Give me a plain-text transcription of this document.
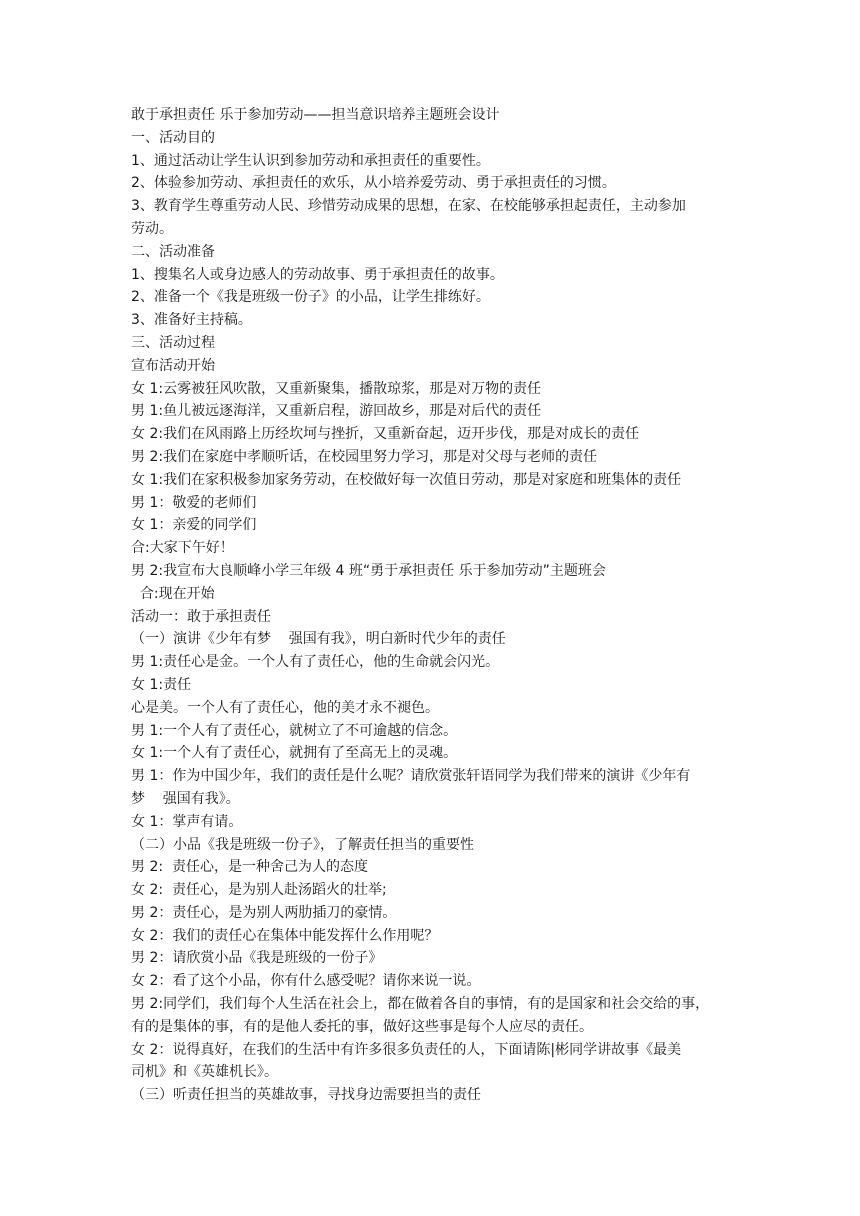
敢于承担责任 乐于参加劳动——担当意识培养主题班会设计
一、活动目的
1、通过活动让学生认识到参加劳动和承担责任的重要性。
2、体验参加劳动、承担责任的欢乐，从小培养爱劳动、勇于承担责任的习惯。
3、教育学生尊重劳动人民、珍惜劳动成果的思想，在家、在校能够承担起责任，主动参加
劳动。
二、活动准备
1、搜集名人或身边感人的劳动故事、勇于承担责任的故事。
2、准备一个《我是班级一份子》的小品，让学生排练好。
3、准备好主持稿。
三、活动过程
宣布活动开始
女 1:云雾被狂风吹散，又重新聚集，播散琼浆，那是对万物的责任
男 1:鱼儿被远逐海洋，又重新启程，游回故乡，那是对后代的责任
女 2:我们在风雨路上历经坎坷与挫折，又重新奋起，迈开步伐，那是对成长的责任
男 2:我们在家庭中孝顺听话，在校园里努力学习，那是对父母与老师的责任
女 1:我们在家积极参加家务劳动，在校做好每一次值日劳动，那是对家庭和班集体的责任
男 1：敬爱的老师们
女 1：亲爱的同学们
合:大家下午好！
男 2:我宣布大良顺峰小学三年级 4 班“勇于承担责任 乐于参加劳动”主题班会
合:现在开始
活动一：敢于承担责任
（一）演讲《少年有梦    强国有我》，明白新时代少年的责任
男 1:责任心是金。一个人有了责任心，他的生命就会闪光。
女 1:责任
心是美。一个人有了责任心，他的美才永不褪色。
男 1:一个人有了责任心，就树立了不可逾越的信念。
女 1:一个人有了责任心，就拥有了至高无上的灵魂。
男 1：作为中国少年，我们的责任是什么呢？请欣赏张轩语同学为我们带来的演讲《少年有
梦    强国有我》。
女 1：掌声有请。
（二）小品《我是班级一份子》，了解责任担当的重要性
男 2:  责任心，是一种舍己为人的态度
女 2:  责任心，是为别人赴汤蹈火的壮举;
男 2：责任心，是为别人两肋插刀的豪情。
女 2：我们的责任心在集体中能发挥什么作用呢？
男 2：请欣赏小品《我是班级的一份子》
女 2：看了这个小品，你有什么感受呢？请你来说一说。
男 2:同学们，我们每个人生活在社会上，都在做着各自的事情，有的是国家和社会交给的事，
有的是集体的事，有的是他人委托的事，做好这些事是每个人应尽的责任。
女 2：说得真好，在我们的生活中有许多很多负责任的人，下面请陈|彬同学讲故事《最美
司机》和《英雄机长》。
（三）听责任担当的英雄故事，寻找身边需要担当的责任
